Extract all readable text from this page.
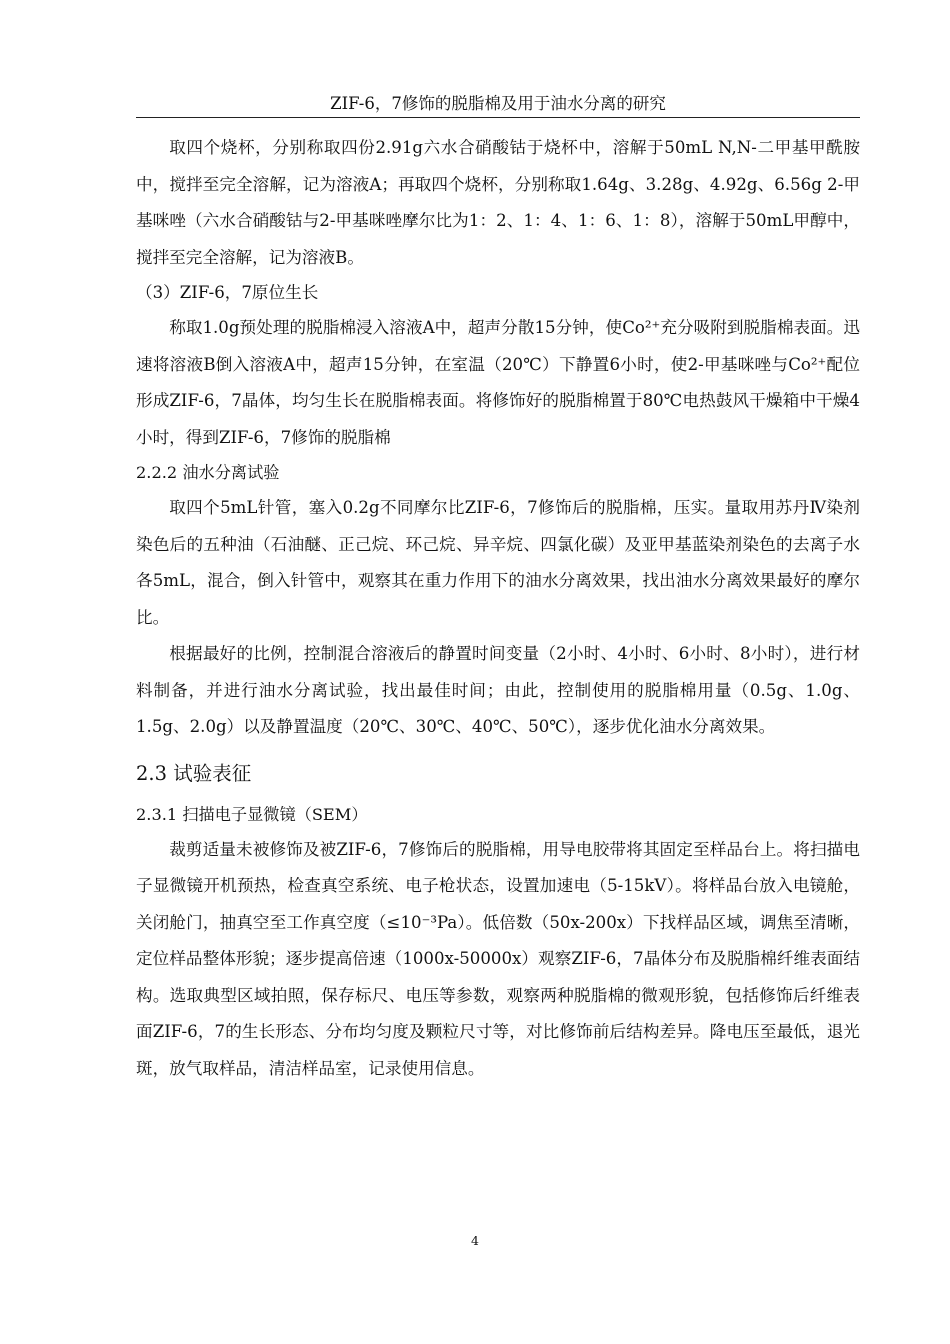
ZIF-6，7修饰的脱脂棉及用于油水分离的研究

取四个烧杯，分别称取四份2.91g六水合硝酸钴于烧杯中，溶解于50mL N,N-二甲基甲酰胺中，搅拌至完全溶解，记为溶液A；再取四个烧杯，分别称取1.64g、3.28g、4.92g、6.56g 2-甲基咪唑（六水合硝酸钴与2-甲基咪唑摩尔比为1：2、1：4、1：6、1：8），溶解于50mL甲醇中，搅拌至完全溶解，记为溶液B。

（3）ZIF-6，7原位生长

称取1.0g预处理的脱脂棉浸入溶液A中，超声分散15分钟，使Co²⁺充分吸附到脱脂棉表面。迅速将溶液B倒入溶液A中，超声15分钟，在室温（20℃）下静置6小时，使2-甲基咪唑与Co²⁺配位形成ZIF-6，7晶体，均匀生长在脱脂棉表面。将修饰好的脱脂棉置于80℃电热鼓风干燥箱中干燥4小时，得到ZIF-6，7修饰的脱脂棉

2.2.2 油水分离试验

取四个5mL针管，塞入0.2g不同摩尔比ZIF-6，7修饰后的脱脂棉，压实。量取用苏丹Ⅳ染剂染色后的五种油（石油醚、正己烷、环己烷、异辛烷、四氯化碳）及亚甲基蓝染剂染色的去离子水各5mL，混合，倒入针管中，观察其在重力作用下的油水分离效果，找出油水分离效果最好的摩尔比。

根据最好的比例，控制混合溶液后的静置时间变量（2小时、4小时、6小时、8小时），进行材料制备，并进行油水分离试验，找出最佳时间；由此，控制使用的脱脂棉用量（0.5g、1.0g、1.5g、2.0g）以及静置温度（20℃、30℃、40℃、50℃），逐步优化油水分离效果。

2.3 试验表征

2.3.1 扫描电子显微镜（SEM）

裁剪适量未被修饰及被ZIF-6，7修饰后的脱脂棉，用导电胶带将其固定至样品台上。将扫描电子显微镜开机预热，检查真空系统、电子枪状态，设置加速电（5-15kV）。将样品台放入电镜舱，关闭舱门，抽真空至工作真空度（≤10⁻³Pa）。低倍数（50x-200x）下找样品区域，调焦至清晰，定位样品整体形貌；逐步提高倍速（1000x-50000x）观察ZIF-6，7晶体分布及脱脂棉纤维表面结构。选取典型区域拍照，保存标尺、电压等参数，观察两种脱脂棉的微观形貌，包括修饰后纤维表面ZIF-6，7的生长形态、分布均匀度及颗粒尺寸等，对比修饰前后结构差异。降电压至最低，退光斑，放气取样品，清洁样品室，记录使用信息。

4
